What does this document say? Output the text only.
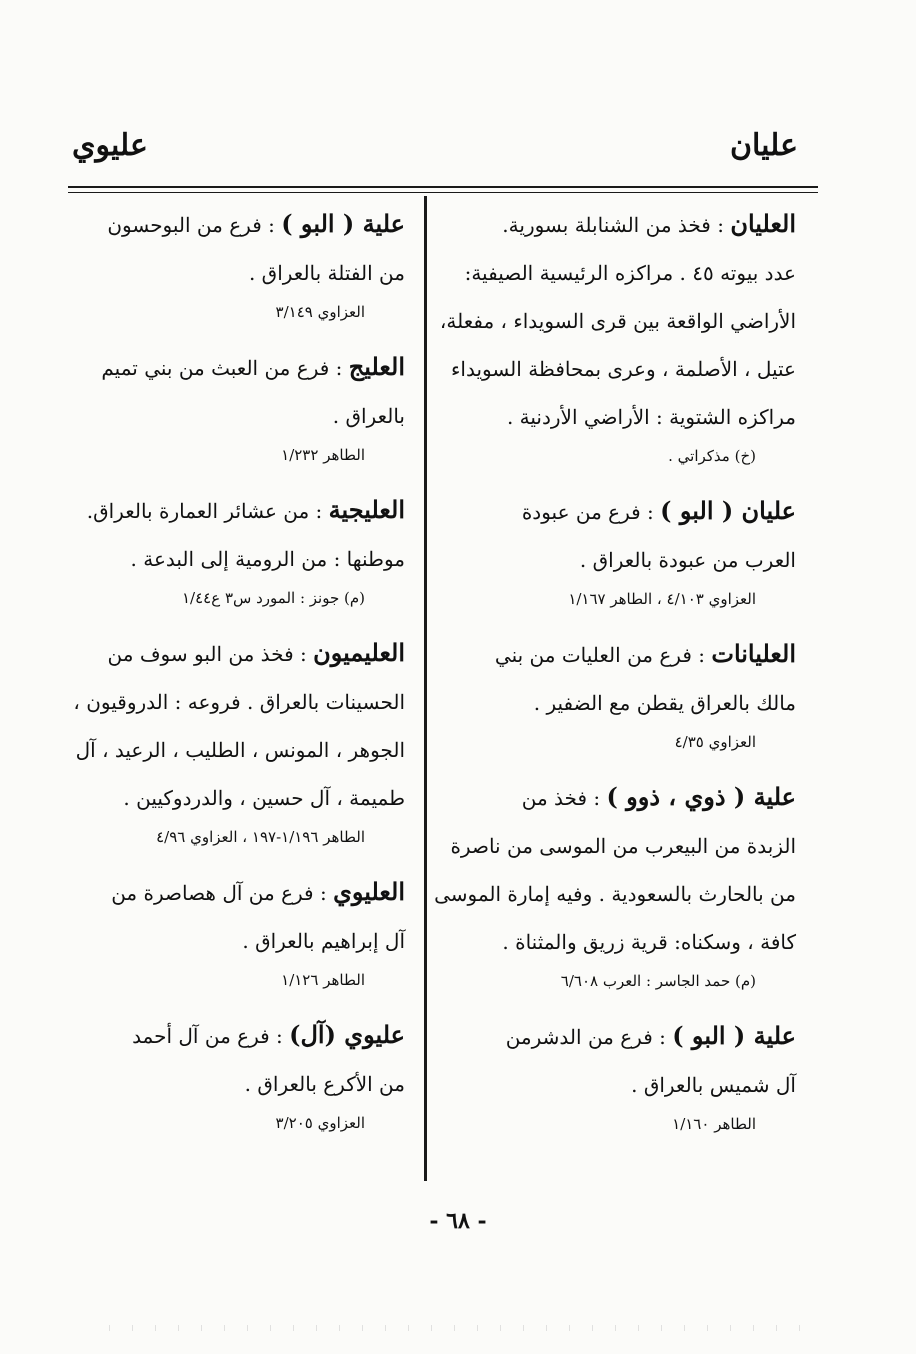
عليان
عليوي
العليان : فخذ من الشنابلة بسورية.
عدد بيوته ٤٥ . مراكزه الرئيسية الصيفية:
الأراضي الواقعة بين قرى السويداء ، مفعلة،
عتيل ، الأصلمة ، وعرى بمحافظة السويداء
مراكزه الشتوية : الأراضي الأردنية .
(خ) مذكراتي .
عليان ( البو ) : فرع من عبودة
العرب من عبودة بالعراق .
العزاوي ٤/١٠٣ ، الطاهر ١/١٦٧
العليانات : فرع من العليات من بني
مالك بالعراق يقطن مع الضفير .
العزاوي ٤/٣٥
علية ( ذوي ، ذوو ) : فخذ من
الزبدة من البيعرب من الموسى من ناصرة
من بالحارث بالسعودية . وفيه إمارة الموسى
كافة ، وسكناه: قرية زريق والمثناة .
(م) حمد الجاسر : العرب ٦/٦٠٨
علية ( البو ) : فرع من الدشرمن
آل شميس بالعراق .
الطاهر ١/١٦٠
علية ( البو ) : فرع من البوحسون
من الفتلة بالعراق .
العزاوي ٣/١٤٩
العليج : فرع من العبث من بني تميم
بالعراق .
الطاهر ١/٢٣٢
العليجية : من عشائر العمارة بالعراق.
موطنها : من الرومية إلى البدعة .
(م) جونز : المورد س٣ ع١/٤٤
العليميون : فخذ من البو سوف من
الحسينات بالعراق . فروعه : الدروقيون ،
الجوهر ، المونس ، الطليب ، الرعيد ، آل
طميمة ، آل حسين ، والدردوكيين .
الطاهر ١/١٩٦-١٩٧ ، العزاوي ٤/٩٦
العليوي : فرع من آل هصاصرة من
آل إبراهيم بالعراق .
الطاهر ١/١٢٦
عليوي (آل) : فرع من آل أحمد
من الأكرع بالعراق .
العزاوي ٣/٢٠٥
- ٦٨ -
